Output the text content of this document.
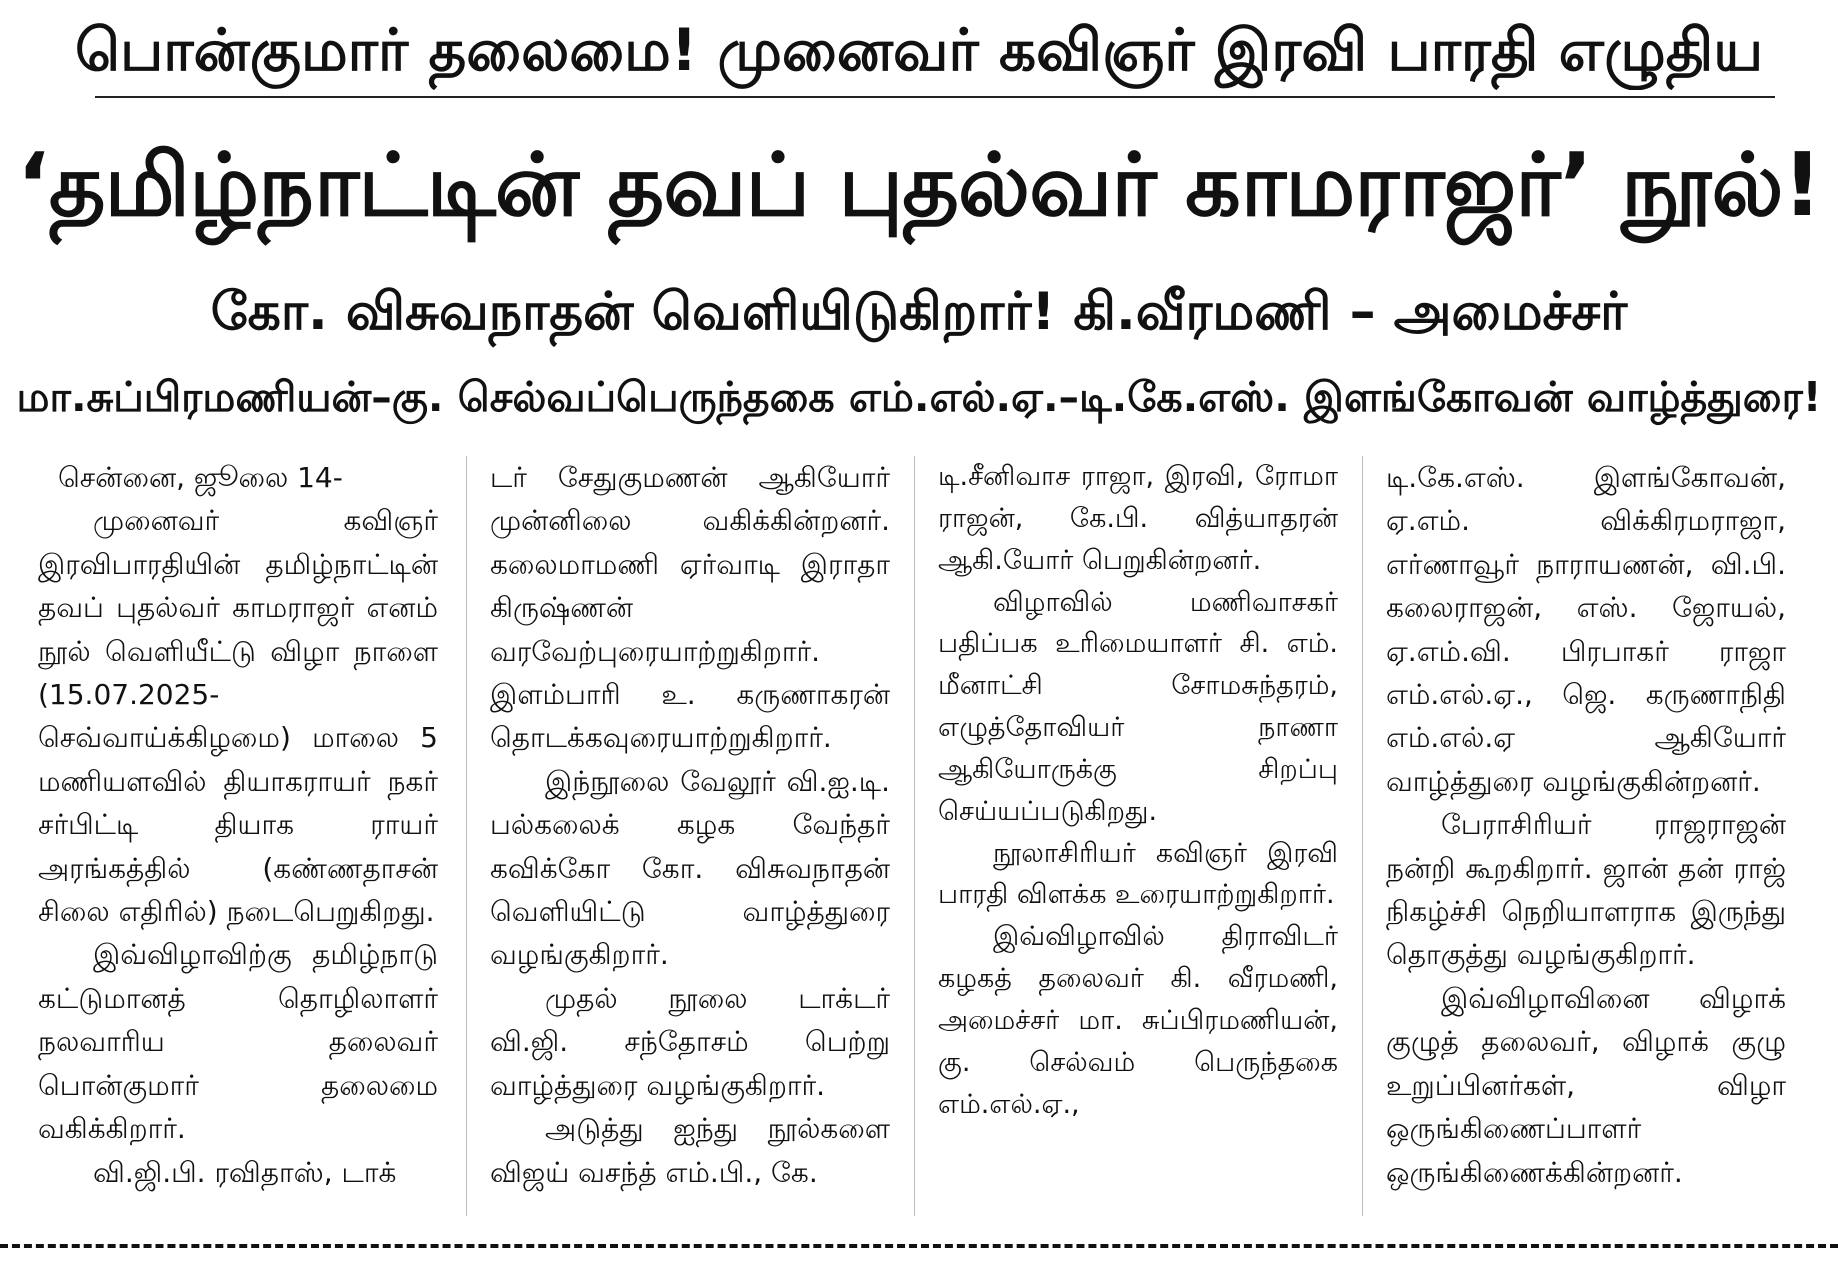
பொன்குமார் தலைமை! முனைவர் கவிஞர் இரவி பாரதி எழுதிய
‘தமிழ்நாட்டின் தவப் புதல்வர் காமராஜர்’ நூல்!
கோ. விசுவநாதன் வெளியிடுகிறார்! கி.வீரமணி – அமைச்சர்
மா.சுப்பிரமணியன்–கு. செல்வப்பெருந்தகை எம்.எல்.ஏ.–டி.கே.எஸ். இளங்கோவன் வாழ்த்துரை!

சென்னை, ஜூலை 14-

முனைவர் கவிஞர் இரவிபாரதியின் தமிழ்நாட்டின் தவப் புதல்வர் காமராஜர் எனம் நூல் வெளியீட்டு விழா நாளை (15.07.2025-செவ்வாய்க்கிழமை) மாலை 5 மணியளவில் தியாகராயர் நகர் சர்பிட்டி தியாக ராயர் அரங்கத்தில் (கண்ணதாசன் சிலை எதிரில்) நடைபெறுகிறது.

இவ்விழாவிற்கு தமிழ்நாடு கட்டுமானத் தொழிலாளர் நலவாரிய தலைவர் பொன்குமார் தலைமை வகிக்கிறார்.

வி.ஜி.பி. ரவிதாஸ், டாக்

டர் சேதுகுமணன் ஆகியோர் முன்னிலை வகிக்கின்றனர். கலைமாமணி ஏர்வாடி இராதா கிருஷ்ணன் வரவேற்புரையாற்றுகிறார். இளம்பாரி உ. கருணாகரன் தொடக்கவுரையாற்றுகிறார்.

இந்நூலை வேலூர் வி.ஐ.டி. பல்கலைக் கழக வேந்தர் கவிக்கோ கோ. விசுவநாதன் வெளியிட்டு வாழ்த்துரை வழங்குகிறார்.

முதல் நூலை டாக்டர் வி.ஜி. சந்தோசம் பெற்று வாழ்த்துரை வழங்குகிறார்.

அடுத்து ஐந்து நூல்களை விஜய் வசந்த் எம்.பி., கே.

டி.சீனிவாச ராஜா, இரவி, ரோமா ராஜன், கே.பி. வித்யாதரன் ஆகி.யோர் பெறுகின்றனர்.

விழாவில் மணிவாசகர் பதிப்பக உரிமையாளர் சி. எம். மீனாட்சி சோமசுந்தரம், எழுத்தோவியர் நாணா ஆகியோருக்கு சிறப்பு செய்யப்படுகிறது.

நூலாசிரியர் கவிஞர் இரவி பாரதி விளக்க உரையாற்றுகிறார்.

இவ்விழாவில் திராவிடர் கழகத் தலைவர் கி. வீரமணி, அமைச்சர் மா. சுப்பிரமணியன், கு. செல்வம் பெருந்தகை எம்.எல்.ஏ.,

டி.கே.எஸ். இளங்கோவன், ஏ.எம். விக்கிரமராஜா, எர்ணாவூர் நாராயணன், வி.பி. கலைராஜன், எஸ். ஜோயல், ஏ.எம்.வி. பிரபாகர் ராஜா எம்.எல்.ஏ., ஜெ. கருணாநிதி எம்.எல்.ஏ ஆகியோர் வாழ்த்துரை வழங்குகின்றனர்.

பேராசிரியர் ராஜராஜன் நன்றி கூறகிறார். ஜான் தன் ராஜ் நிகழ்ச்சி நெறியாளராக இருந்து தொகுத்து வழங்குகிறார்.

இவ்விழாவினை விழாக் குழுத் தலைவர், விழாக் குழு உறுப்பினர்கள், விழா ஒருங்கிணைப்பாளர் ஒருங்கிணைக்கின்றனர்.
